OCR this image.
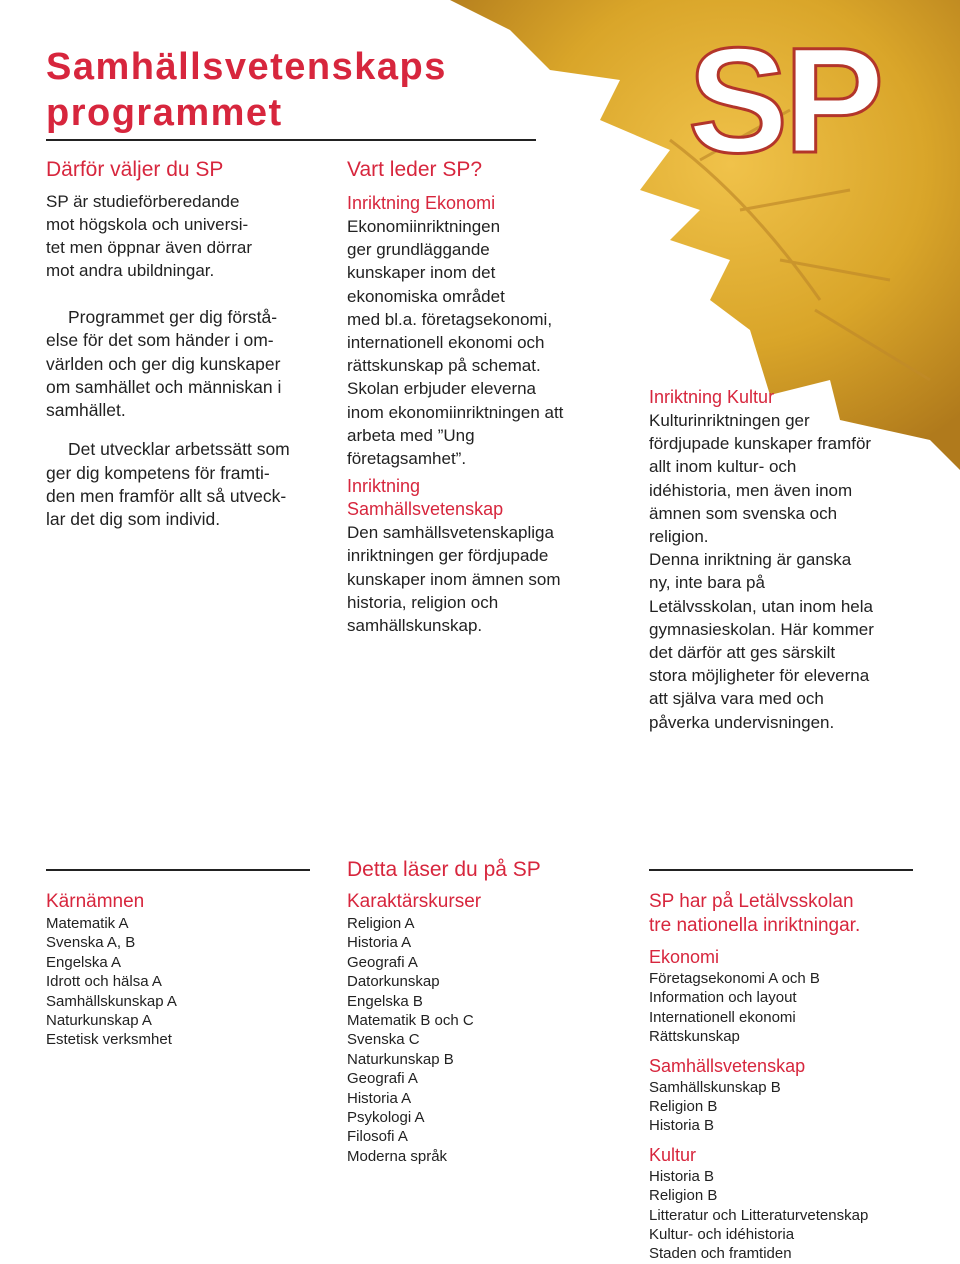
SP
Samhällsvetenskaps
programmet
Därför väljer du SP
SP är studieförberedande
mot högskola och universi-
tet men öppnar även dörrar
mot andra ubildningar.

Programmet ger dig förstå-
else för det som händer i om-
världen och ger dig kunskaper
om samhället och människan i
samhället.

Det utvecklar arbetssätt som
ger dig kompetens för framti-
den men framför allt så utveck-
lar det dig som individ.

Vart leder SP?
Inriktning Ekonomi

Ekonomiinriktningen
ger grundläggande
kunskaper inom det
ekonomiska området
med bl.a. företagsekonomi,
internationell ekonomi och
rättskunskap på schemat.
Skolan erbjuder eleverna
inom ekonomiinriktningen att
arbeta med ”Ung
företagsamhet”.

Inriktning
Samhällsvetenskap

Den samhällsvetenskapliga
inriktningen ger fördjupade
kunskaper inom ämnen som
historia, religion och
samhällskunskap.

Inriktning Kultur

Kulturinriktningen ger
fördjupade kunskaper framför
allt inom kultur- och
idéhistoria, men även inom
ämnen som svenska och
religion.
Denna inriktning är ganska
ny, inte bara på
Letälvsskolan, utan inom hela
gymnasieskolan. Här kommer
det därför att ges särskilt
stora möjligheter för eleverna
att själva vara med och
påverka undervisningen.

Detta läser du på SP
Kärnämnen
Matematik A
Svenska A, B
Engelska A
Idrott och hälsa A
Samhällskunskap A
Naturkunskap A
Estetisk verksmhet
Karaktärskurser
Religion A
Historia A
Geografi A
Datorkunskap
Engelska B
Matematik B och C
Svenska C
Naturkunskap B
Geografi A
Historia A
Psykologi A
Filosofi A
Moderna språk
SP har på Letälvsskolan
tre nationella inriktningar.
Ekonomi
Företagsekonomi A och B
Information och layout
Internationell ekonomi
Rättskunskap
Samhällsvetenskap
Samhällskunskap B
Religion B
Historia B
Kultur
Historia B
Religion B
Litteratur och Litteraturvetenskap
Kultur- och idéhistoria
Staden och framtiden
